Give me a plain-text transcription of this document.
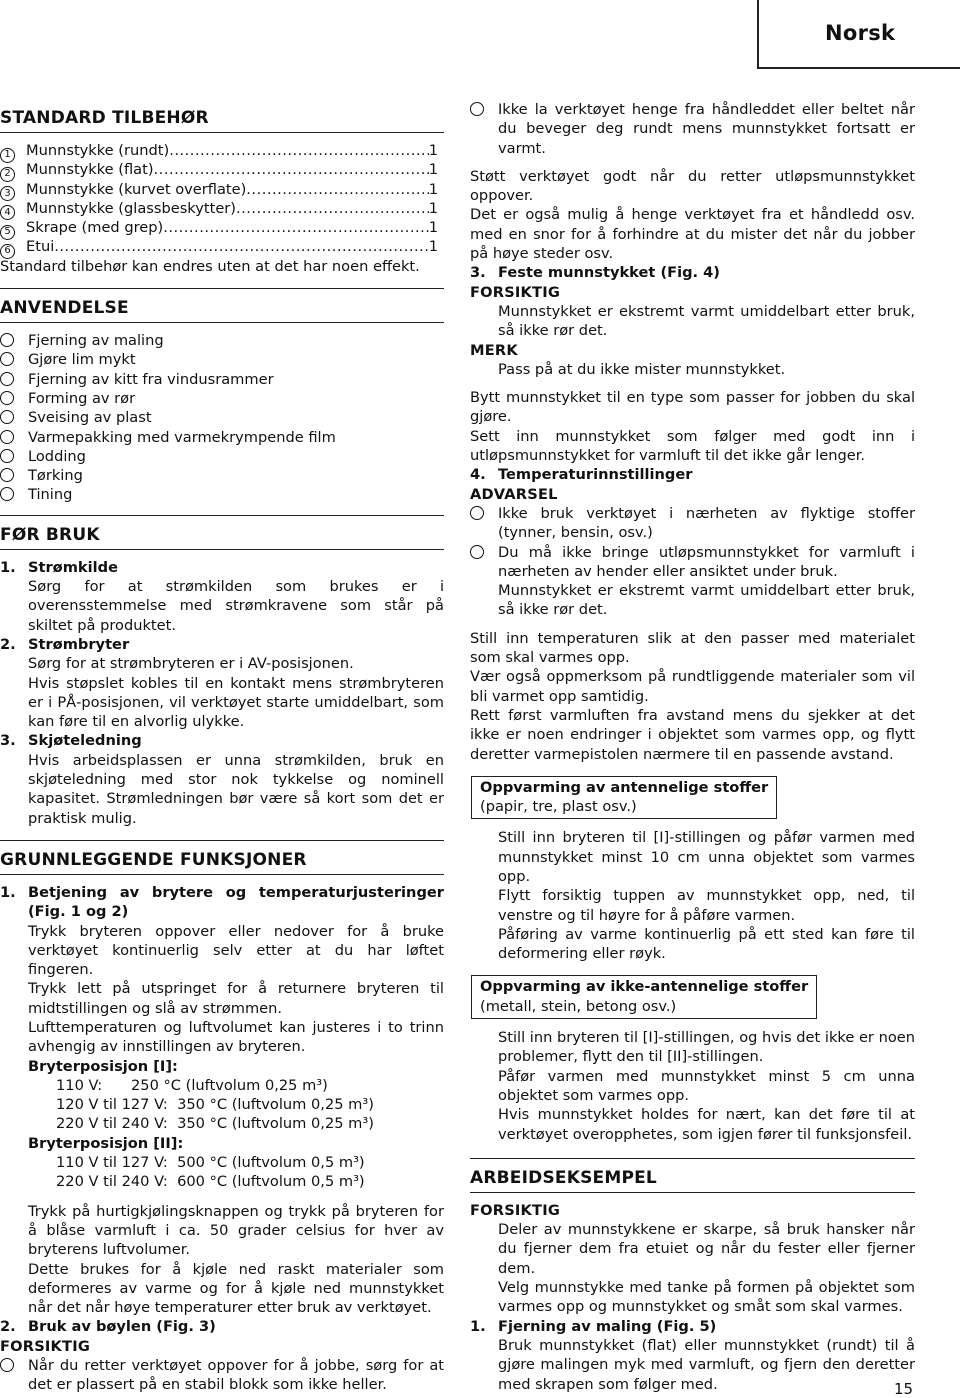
Norsk
STANDARD TILBEHØR
1 Munnstykke (rundt) .....	1
2 Munnstykke (flat) .....	1
3 Munnstykke (kurvet overflate) .....	1
4 Munnstykke (glassbeskytter) .....	1
5 Skrape (med grep) .....	1
6 Etui .....	1

Standard tilbehør kan endres uten at det har noen effekt.

ANVENDELSE
Fjerning av maling
Gjøre lim mykt
Fjerning av kitt fra vindusrammer
Forming av rør
Sveising av plast
Varmepakking med varmekrympende film
Lodding
Tørking
Tining
FØR BRUK
1. Strømkilde

Sørg for at strømkilden som brukes er i overensstemmelse med strømkravene som står på skiltet på produktet.

2. Strømbryter

Sørg for at strømbryteren er i AV-posisjonen.

Hvis støpslet kobles til en kontakt mens strømbryteren er i PÅ-posisjonen, vil verktøyet starte umiddelbart, som kan føre til en alvorlig ulykke.

3. Skjøteledning

Hvis arbeidsplassen er unna strømkilden, bruk en skjøteledning med stor nok tykkelse og nominell kapasitet. Strømledningen bør være så kort som det er praktisk mulig.

GRUNNLEGGENDE FUNKSJONER
1. Betjening av brytere og temperaturjusteringer (Fig. 1 og 2)

Trykk bryteren oppover eller nedover for å bruke verktøyet kontinuerlig selv etter at du har løftet fingeren.

Trykk lett på utspringet for å returnere bryteren til midtstillingen og slå av strømmen.

Lufttemperaturen og luftvolumet kan justeres i to trinn avhengig av innstillingen av bryteren.

Bryterposisjon [I]:

110 V: 250 °C (luftvolum 0,25 m³)
120 V til 127 V: 350 °C (luftvolum 0,25 m³)
220 V til 240 V: 350 °C (luftvolum 0,25 m³)

Bryterposisjon [II]:

110 V til 127 V: 500 °C (luftvolum 0,5 m³)
220 V til 240 V: 600 °C (luftvolum 0,5 m³)

Trykk på hurtigkjølingsknappen og trykk på bryteren for å blåse varmluft i ca. 50 grader celsius for hver av bryterens luftvolumer.

Dette brukes for å kjøle ned raskt materialer som deformeres av varme og for å kjøle ned munnstykket når det når høye temperaturer etter bruk av verktøyet.

2. Bruk av bøylen (Fig. 3)

FORSIKTIG

Når du retter verktøyet oppover for å jobbe, sørg for at det er plassert på en stabil blokk som ikke heller.
Ikke la verktøyet henge fra håndleddet eller beltet når du beveger deg rundt mens munnstykket fortsatt er varmt.

Støtt verktøyet godt når du retter utløpsmunnstykket oppover.

Det er også mulig å henge verktøyet fra et håndledd osv. med en snor for å forhindre at du mister det når du jobber på høye steder osv.

3. Feste munnstykket (Fig. 4)

FORSIKTIG

Munnstykket er ekstremt varmt umiddelbart etter bruk, så ikke rør det.

MERK

Pass på at du ikke mister munnstykket.

Bytt munnstykket til en type som passer for jobben du skal gjøre.

Sett inn munnstykket som følger med godt inn i utløpsmunnstykket for varmluft til det ikke går lenger.

4. Temperaturinnstillinger

ADVARSEL

Ikke bruk verktøyet i nærheten av flyktige stoffer (tynner, bensin, osv.)
Du må ikke bringe utløpsmunnstykket for varmluft i nærheten av hender eller ansiktet under bruk.

Munnstykket er ekstremt varmt umiddelbart etter bruk, så ikke rør det.

Still inn temperaturen slik at den passer med materialet som skal varmes opp.

Vær også oppmerksom på rundtliggende materialer som vil bli varmet opp samtidig.

Rett først varmluften fra avstand mens du sjekker at det ikke er noen endringer i objektet som varmes opp, og flytt deretter varmepistolen nærmere til en passende avstand.

Oppvarming av antennelige stoffer
(papir, tre, plast osv.)

Still inn bryteren til [I]-stillingen og påfør varmen med munnstykket minst 10 cm unna objektet som varmes opp.

Flytt forsiktig tuppen av munnstykket opp, ned, til venstre og til høyre for å påføre varmen.

Påføring av varme kontinuerlig på ett sted kan føre til deformering eller røyk.

Oppvarming av ikke-antennelige stoffer
(metall, stein, betong osv.)

Still inn bryteren til [I]-stillingen, og hvis det ikke er noen problemer, flytt den til [II]-stillingen.

Påfør varmen med munnstykket minst 5 cm unna objektet som varmes opp.

Hvis munnstykket holdes for nært, kan det føre til at verktøyet overopphetes, som igjen fører til funksjonsfeil.

ARBEIDSEKSEMPEL

FORSIKTIG

Deler av munnstykkene er skarpe, så bruk hansker når du fjerner dem fra etuiet og når du fester eller fjerner dem.

Velg munnstykke med tanke på formen på objektet som varmes opp og munnstykket og småt som skal varmes.

1. Fjerning av maling (Fig. 5)

Bruk munnstykket (flat) eller munnstykket (rundt) til å gjøre malingen myk med varmluft, og fjern den deretter med skrapen som følger med.	15
